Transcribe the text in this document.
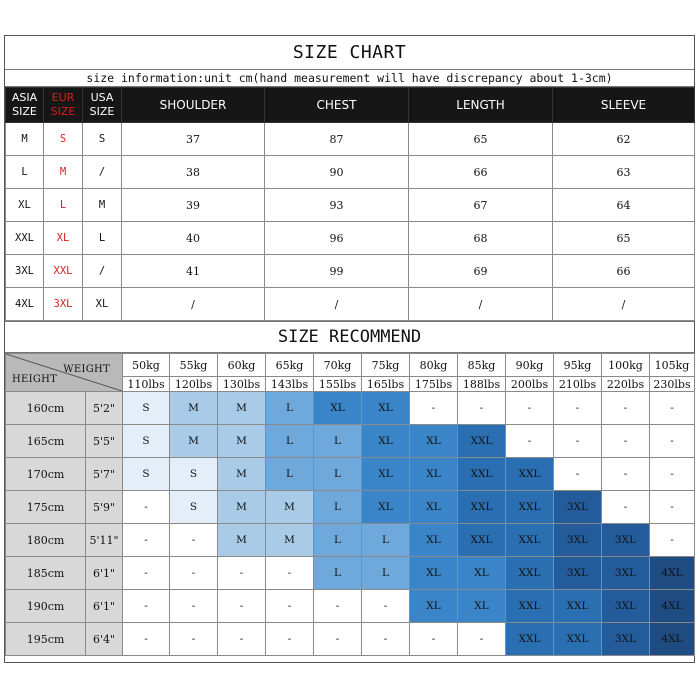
SIZE CHART
size information:unit cm(hand measurement will have discrepancy about 1-3cm)
ASIA SIZE	EUR SIZE	USA SIZE	SHOULDER	CHEST	LENGTH	SLEEVE
M	S	S	37	87	65	62
L	M	/	38	90	66	63
XL	L	M	39	93	67	64
XXL	XL	L	40	96	68	65
3XL	XXL	/	41	99	69	66
4XL	3XL	XL	/	/	/	/
SIZE RECOMMEND
WEIGHT
HEIGHT		50kg	55kg	60kg	65kg	70kg	75kg	80kg	85kg	90kg	95kg	100kg	105kg
		110lbs	120lbs	130lbs	143lbs	155lbs	165lbs	175lbs	188lbs	200lbs	210lbs	220lbs	230lbs
160cm	5'2"	S	M	M	L	XL	XL	-	-	-	-	-	-
165cm	5'5"	S	M	M	L	L	XL	XL	XXL	-	-	-	-
170cm	5'7"	S	S	M	L	L	XL	XL	XXL	XXL	-	-	-
175cm	5'9"	-	S	M	M	L	XL	XL	XXL	XXL	3XL	-	-
180cm	5'11"	-	-	M	M	L	L	XL	XXL	XXL	3XL	3XL	-
185cm	6'1"	-	-	-	-	L	L	XL	XL	XXL	3XL	3XL	4XL
190cm	6'1"	-	-	-	-	-	-	XL	XL	XXL	XXL	3XL	4XL
195cm	6'4"	-	-	-	-	-	-	-	-	XXL	XXL	3XL	4XL
